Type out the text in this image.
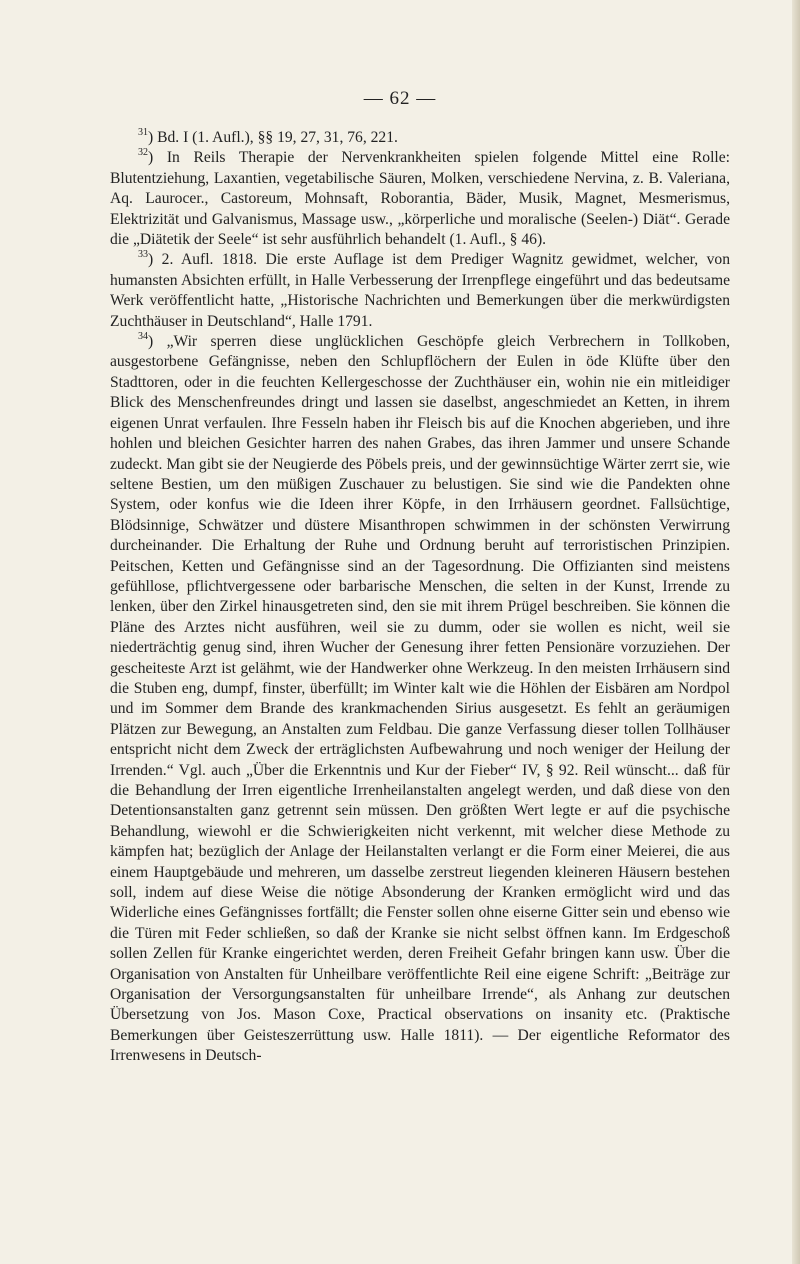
— 62 —

$^{31}$) Bd. I (1. Aufl.), §§ 19, 27, 31, 76, 221.

$^{32}$) In Reils Therapie der Nervenkrankheiten spielen folgende Mittel eine Rolle: Blutentziehung, Laxantien, vegetabilische Säuren, Molken, verschiedene Nervina, z. B. Valeriana, Aq. Laurocer., Castoreum, Mohnsaft, Roborantia, Bäder, Musik, Magnet, Mesmerismus, Elektrizität und Galvanismus, Massage usw., „körperliche und moralische (Seelen-) Diät“. Gerade die „Diätetik der Seele“ ist sehr ausführlich behandelt (1. Aufl., § 46).

$^{33}$) 2. Aufl. 1818. Die erste Auflage ist dem Prediger Wagnitz gewidmet, welcher, von humansten Absichten erfüllt, in Halle Verbesserung der Irrenpflege eingeführt und das bedeutsame Werk veröffentlicht hatte, „Historische Nachrichten und Bemerkungen über die merkwürdigsten Zuchthäuser in Deutschland“, Halle 1791.

$^{34}$) „Wir sperren diese unglücklichen Geschöpfe gleich Verbrechern in Tollkoben, ausgestorbene Gefängnisse, neben den Schlupflöchern der Eulen in öde Klüfte über den Stadttoren, oder in die feuchten Kellergeschosse der Zuchthäuser ein, wohin nie ein mitleidiger Blick des Menschenfreundes dringt und lassen sie daselbst, angeschmiedet an Ketten, in ihrem eigenen Unrat verfaulen. Ihre Fesseln haben ihr Fleisch bis auf die Knochen abgerieben, und ihre hohlen und bleichen Gesichter harren des nahen Grabes, das ihren Jammer und unsere Schande zudeckt. Man gibt sie der Neugierde des Pöbels preis, und der gewinnsüchtige Wärter zerrt sie, wie seltene Bestien, um den müßigen Zuschauer zu belustigen. Sie sind wie die Pandekten ohne System, oder konfus wie die Ideen ihrer Köpfe, in den Irrhäusern geordnet. Fallsüchtige, Blödsinnige, Schwätzer und düstere Misanthropen schwimmen in der schönsten Verwirrung durcheinander. Die Erhaltung der Ruhe und Ordnung beruht auf terroristischen Prinzipien. Peitschen, Ketten und Gefängnisse sind an der Tagesordnung. Die Offizianten sind meistens gefühllose, pflichtvergessene oder barbarische Menschen, die selten in der Kunst, Irrende zu lenken, über den Zirkel hinausgetreten sind, den sie mit ihrem Prügel beschreiben. Sie können die Pläne des Arztes nicht ausführen, weil sie zu dumm, oder sie wollen es nicht, weil sie niederträchtig genug sind, ihren Wucher der Genesung ihrer fetten Pensionäre vorzuziehen. Der gescheiteste Arzt ist gelähmt, wie der Handwerker ohne Werkzeug. In den meisten Irrhäusern sind die Stuben eng, dumpf, finster, überfüllt; im Winter kalt wie die Höhlen der Eisbären am Nordpol und im Sommer dem Brande des krankmachenden Sirius ausgesetzt. Es fehlt an geräumigen Plätzen zur Bewegung, an Anstalten zum Feldbau. Die ganze Verfassung dieser tollen Tollhäuser entspricht nicht dem Zweck der erträglichsten Aufbewahrung und noch weniger der Heilung der Irrenden.“ Vgl. auch „Über die Erkenntnis und Kur der Fieber“ IV, § 92. Reil wünscht... daß für die Behandlung der Irren eigentliche Irrenheilanstalten angelegt werden, und daß diese von den Detentionsanstalten ganz getrennt sein müssen. Den größten Wert legte er auf die psychische Behandlung, wiewohl er die Schwierigkeiten nicht verkennt, mit welcher diese Methode zu kämpfen hat; bezüglich der Anlage der Heilanstalten verlangt er die Form einer Meierei, die aus einem Hauptgebäude und mehreren, um dasselbe zerstreut liegenden kleineren Häusern bestehen soll, indem auf diese Weise die nötige Absonderung der Kranken ermöglicht wird und das Widerliche eines Gefängnisses fortfällt; die Fenster sollen ohne eiserne Gitter sein und ebenso wie die Türen mit Feder schließen, so daß der Kranke sie nicht selbst öffnen kann. Im Erdgeschoß sollen Zellen für Kranke eingerichtet werden, deren Freiheit Gefahr bringen kann usw. Über die Organisation von Anstalten für Unheilbare veröffentlichte Reil eine eigene Schrift: „Beiträge zur Organisation der Versorgungsanstalten für unheilbare Irrende“, als Anhang zur deutschen Übersetzung von Jos. Mason Coxe, Practical observations on insanity etc. (Praktische Bemerkungen über Geisteszerrüttung usw. Halle 1811). — Der eigentliche Reformator des Irrenwesens in Deutsch-
